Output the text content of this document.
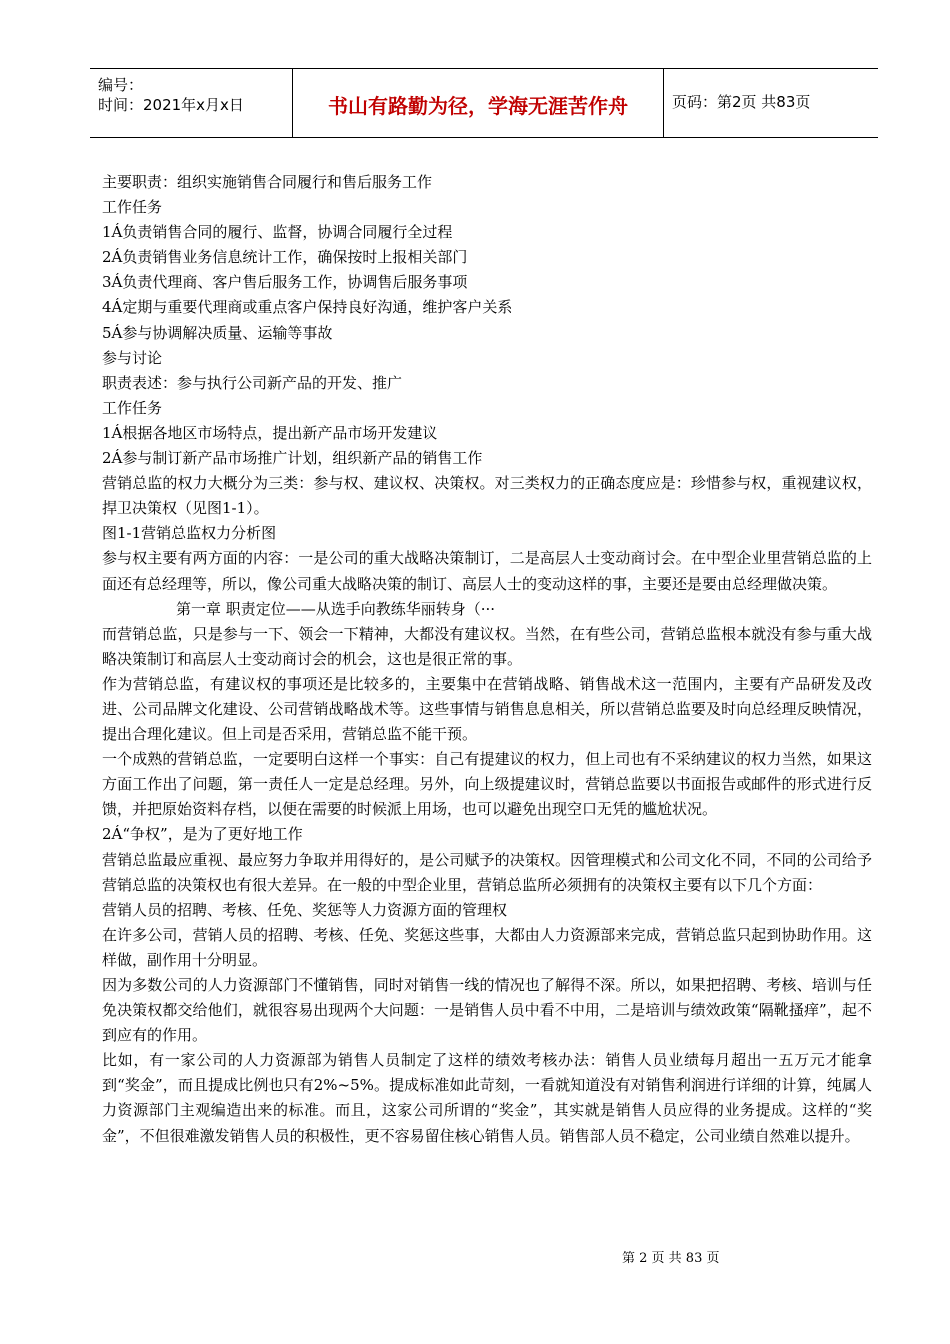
编号：
时间：2021年x月x日	书山有路勤为径，学海无涯苦作舟	页码：第2页 共83页

主要职责：组织实施销售合同履行和售后服务工作

工作任务

1Á负责销售合同的履行、监督，协调合同履行全过程

2Á负责销售业务信息统计工作，确保按时上报相关部门

3Á负责代理商、客户售后服务工作，协调售后服务事项

4Á定期与重要代理商或重点客户保持良好沟通，维护客户关系

5Á参与协调解决质量、运输等事故

参与讨论

职责表述：参与执行公司新产品的开发、推广

工作任务

1Á根据各地区市场特点，提出新产品市场开发建议

2Á参与制订新产品市场推广计划，组织新产品的销售工作

营销总监的权力大概分为三类：参与权、建议权、决策权。对三类权力的正确态度应是：珍惜参与权，重视建议权，捍卫决策权（见图1-1）。

图1-1营销总监权力分析图

参与权主要有两方面的内容：一是公司的重大战略决策制订，二是高层人士变动商讨会。在中型企业里营销总监的上面还有总经理等，所以，像公司重大战略决策的制订、高层人士的变动这样的事，主要还是要由总经理做决策。

第一章 职责定位——从选手向教练华丽转身（···

而营销总监，只是参与一下、领会一下精神，大都没有建议权。当然，在有些公司，营销总监根本就没有参与重大战略决策制订和高层人士变动商讨会的机会，这也是很正常的事。

作为营销总监，有建议权的事项还是比较多的，主要集中在营销战略、销售战术这一范围内，主要有产品研发及改进、公司品牌文化建设、公司营销战略战术等。这些事情与销售息息相关，所以营销总监要及时向总经理反映情况，提出合理化建议。但上司是否采用，营销总监不能干预。

一个成熟的营销总监，一定要明白这样一个事实：自己有提建议的权力，但上司也有不采纳建议的权力当然，如果这方面工作出了问题，第一责任人一定是总经理。另外，向上级提建议时，营销总监要以书面报告或邮件的形式进行反馈，并把原始资料存档，以便在需要的时候派上用场，也可以避免出现空口无凭的尴尬状况。

2Á“争权”，是为了更好地工作

营销总监最应重视、最应努力争取并用得好的，是公司赋予的决策权。因管理模式和公司文化不同，不同的公司给予营销总监的决策权也有很大差异。在一般的中型企业里，营销总监所必须拥有的决策权主要有以下几个方面：

营销人员的招聘、考核、任免、奖惩等人力资源方面的管理权

在许多公司，营销人员的招聘、考核、任免、奖惩这些事，大都由人力资源部来完成，营销总监只起到协助作用。这样做，副作用十分明显。

因为多数公司的人力资源部门不懂销售，同时对销售一线的情况也了解得不深。所以，如果把招聘、考核、培训与任免决策权都交给他们，就很容易出现两个大问题：一是销售人员中看不中用，二是培训与绩效政策“隔靴搔痒”，起不到应有的作用。

比如，有一家公司的人力资源部为销售人员制定了这样的绩效考核办法：销售人员业绩每月超出一五万元才能拿到“奖金”，而且提成比例也只有2%~5%。提成标准如此苛刻，一看就知道没有对销售利润进行详细的计算，纯属人力资源部门主观编造出来的标准。而且，这家公司所谓的“奖金”，其实就是销售人员应得的业务提成。这样的“奖金”，不但很难激发销售人员的积极性，更不容易留住核心销售人员。销售部人员不稳定，公司业绩自然难以提升。

第 2 页 共 83 页
